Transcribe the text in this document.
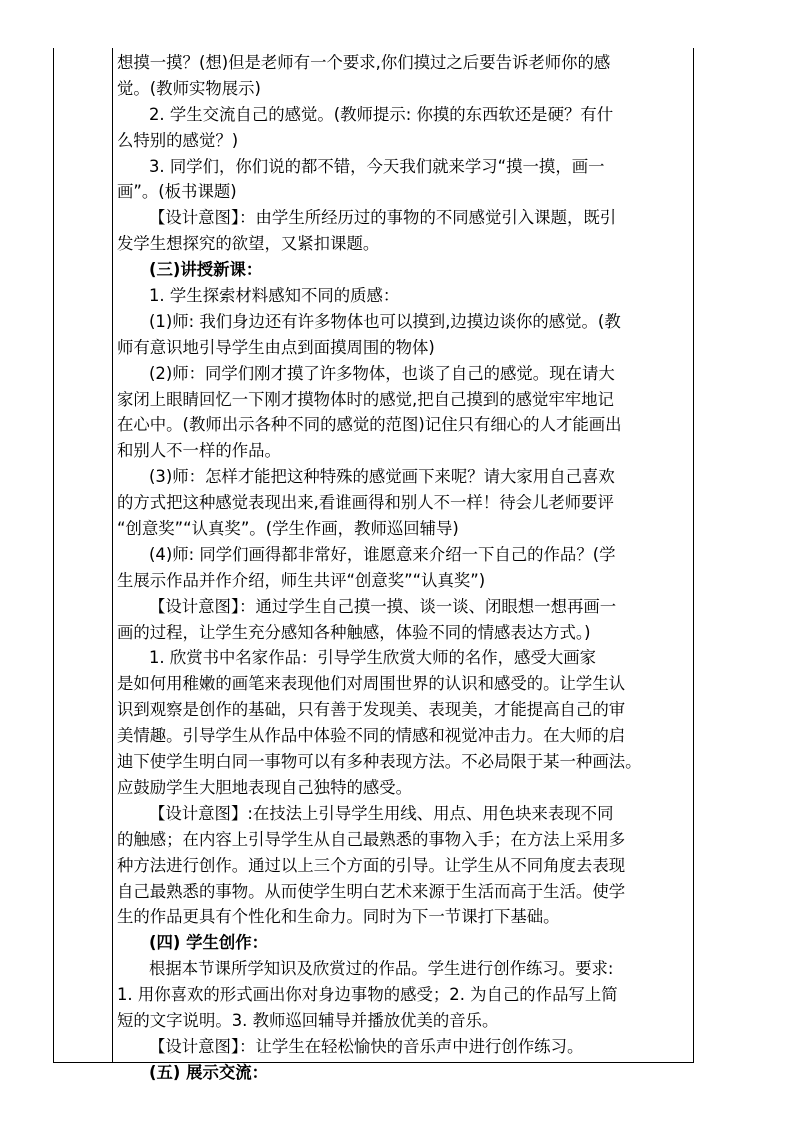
想摸一摸？(想)但是老师有一个要求,你们摸过之后要告诉老师你的感
觉。(教师实物展示)
2. 学生交流自己的感觉。(教师提示: 你摸的东西软还是硬？有什
么特别的感觉？)
3. 同学们，你们说的都不错，今天我们就来学习“摸一摸，画一
画”。(板书课题)
【设计意图】：由学生所经历过的事物的不同感觉引入课题，既引
发学生想探究的欲望，又紧扣课题。
(三)讲授新课：
1. 学生探索材料感知不同的质感：
(1)师: 我们身边还有许多物体也可以摸到,边摸边谈你的感觉。(教
师有意识地引导学生由点到面摸周围的物体)
(2)师：同学们刚才摸了许多物体，也谈了自己的感觉。现在请大
家闭上眼睛回忆一下刚才摸物体时的感觉,把自己摸到的感觉牢牢地记
在心中。(教师出示各种不同的感觉的范图)记住只有细心的人才能画出
和别人不一样的作品。
(3)师：怎样才能把这种特殊的感觉画下来呢？请大家用自己喜欢
的方式把这种感觉表现出来,看谁画得和别人不一样！待会儿老师要评
“创意奖”“认真奖”。(学生作画，教师巡回辅导)
(4)师: 同学们画得都非常好，谁愿意来介绍一下自己的作品？(学
生展示作品并作介绍，师生共评“创意奖”“认真奖”)
【设计意图】：通过学生自己摸一摸、谈一谈、闭眼想一想再画一
画的过程，让学生充分感知各种触感，体验不同的情感表达方式。)
1. 欣赏书中名家作品：引导学生欣赏大师的名作，感受大画家
是如何用稚嫩的画笔来表现他们对周围世界的认识和感受的。让学生认
识到观察是创作的基础，只有善于发现美、表现美，才能提高自己的审
美情趣。引导学生从作品中体验不同的情感和视觉冲击力。在大师的启
迪下使学生明白同一事物可以有多种表现方法。不必局限于某一种画法。
应鼓励学生大胆地表现自己独特的感受。
【设计意图】:在技法上引导学生用线、用点、用色块来表现不同
的触感；在内容上引导学生从自己最熟悉的事物入手；在方法上采用多
种方法进行创作。通过以上三个方面的引导。让学生从不同角度去表现
自己最熟悉的事物。从而使学生明白艺术来源于生活而高于生活。使学
生的作品更具有个性化和生命力。同时为下一节课打下基础。
(四) 学生创作：
根据本节课所学知识及欣赏过的作品。学生进行创作练习。要求:
1. 用你喜欢的形式画出你对身边事物的感受；2. 为自己的作品写上简
短的文字说明。3. 教师巡回辅导并播放优美的音乐。
【设计意图】：让学生在轻松愉快的音乐声中进行创作练习。
(五) 展示交流：
